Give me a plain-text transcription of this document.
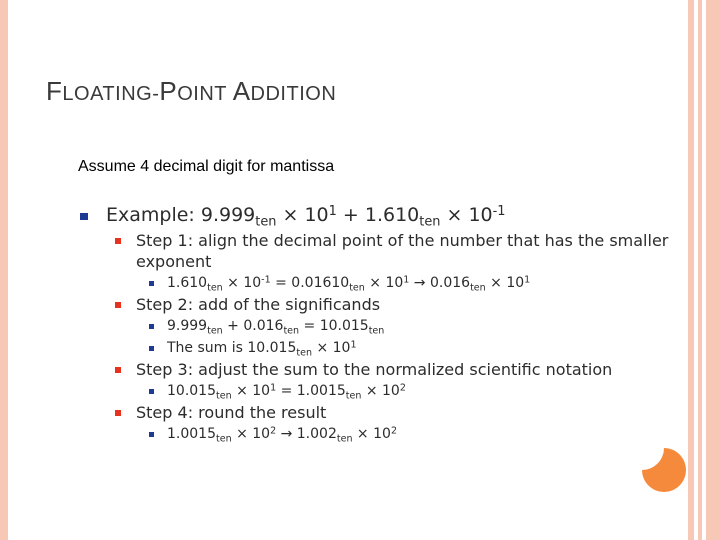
FLOATING-POINT ADDITION
Assume 4 decimal digit for mantissa
Example: $9.999_{ten} \times 10^1 + 1.610_{ten} \times 10^{-1}$
Step 1: align the decimal point of the number that has the smaller exponent
$1.610_{ten} \times 10^{-1} = 0.01610_{ten} \times 10^1 \to 0.016_{ten} \times 10^1$
Step 2: add of the significands
$9.999_{ten} + 0.016_{ten} = 10.015_{ten}$
The sum is $10.015_{ten} \times 10^1$
Step 3: adjust the sum to the normalized scientific notation
$10.015_{ten} \times 10^1 = 1.0015_{ten} \times 10^2$
Step 4: round the result
$1.0015_{ten} \times 10^2 \to 1.002_{ten} \times 10^2$
